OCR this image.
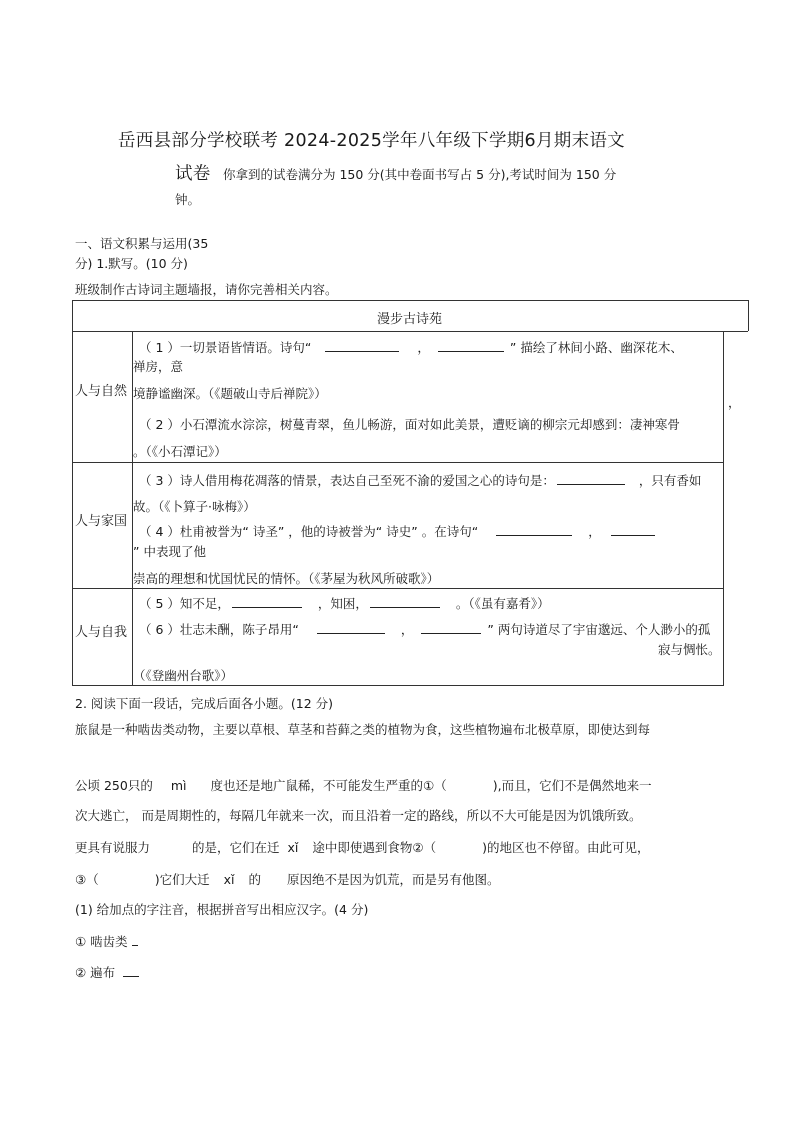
岳西县部分学校联考 2024-2025学年八年级下学期6月期末语文
试卷 你拿到的试卷满分为 150 分(其中卷面书写占 5 分),考试时间为 150 分
钟。
一、语文积累与运用(35
分) 1.默写。(10 分)
班级制作古诗词主题墙报，请你完善相关内容。
漫步古诗苑
人与自然
（ 1 ）一切景语皆情语。诗句“	，	” 描绘了林间小路、幽深花木、
禅房，意
境静谧幽深。（《题破山寺后禅院》）
（ 2 ）小石潭流水淙淙，树蔓青翠，鱼儿畅游，面对如此美景，遭贬谪的柳宗元却感到：凄神寒骨
。（《小石潭记》）
，
人与家国
（ 3 ）诗人借用梅花凋落的情景，表达自己至死不渝的爱国之心的诗句是：	，只有香如
故。（《卜算子·咏梅》）
（ 4 ）杜甫被誉为“ 诗圣” ，他的诗被誉为“ 诗史” 。在诗句“	，
” 中表现了他
崇高的理想和忧国忧民的情怀。（《茅屋为秋风所破歌》）
人与自我
（ 5 ）知不足，	，知困，	。（《虽有嘉肴》）
（ 6 ）壮志未酬，陈子昂用“	，	” 两句诗道尽了宇宙邈远、个人渺小的孤
寂与惆怅。
（《登幽州台歌》）
2. 阅读下面一段话，完成后面各小题。(12 分)
旅鼠是一种啮齿类动物，主要以草根、草茎和苔藓之类的植物为食，这些植物遍布北极草原，即使达到每
公顷 250只的 mì 度也还是地广鼠稀，不可能发生严重的①（	),而且，它们不是偶然地来一
次大逃亡， 而是周期性的，每隔几年就来一次，而且沿着一定的路线，所以不大可能是因为饥饿所致。
更具有说服力	的是，它们在迁 xǐ 途中即使遇到食物②（	)的地区也不停留。由此可见，
③（	)它们大迁 xǐ 的 原因绝不是因为饥荒，而是另有他图。
(1) 给加点的字注音，根据拼音写出相应汉字。(4 分)
① 啮齿类
② 遍布
